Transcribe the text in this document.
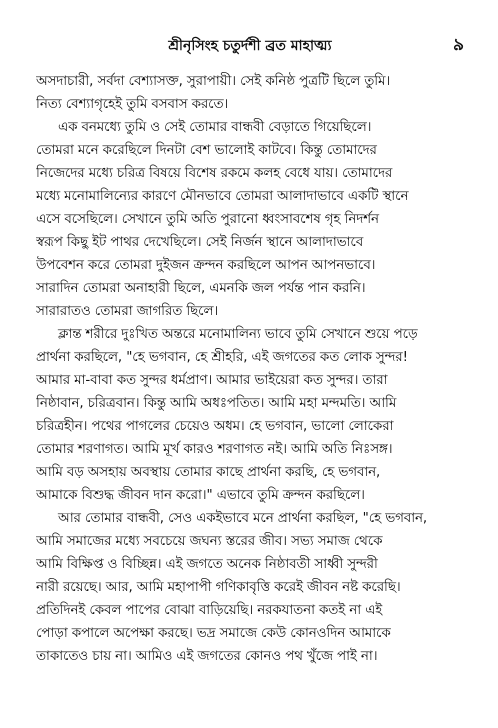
শ্রীনৃসিংহ চতুর্দশী ব্রত মাহাত্ম্য	৯
অসদাচারী, সর্বদা বেশ্যাসক্ত, সুরাপায়ী। সেই কনিষ্ঠ পুত্রটি ছিলে তুমি।
নিত্য বেশ্যাগৃহেই তুমি বসবাস করতে।
এক বনমধ্যে তুমি ও সেই তোমার বান্ধবী বেড়াতে গিয়েছিলে।
তোমরা মনে করেছিলে দিনটা বেশ ভালোই কাটবে। কিন্তু তোমাদের
নিজেদের মধ্যে চরিত্র বিষয়ে বিশেষ রকমে কলহ বেধে যায়। তোমাদের
মধ্যে মনোমালিন্যের কারণে মৌনভাবে তোমরা আলাদাভাবে একটি স্থানে
এসে বসেছিলে। সেখানে তুমি অতি পুরানো ধ্বংসাবশেষ গৃহ নিদর্শন
স্বরূপ কিছু ইট পাথর দেখেছিলে। সেই নির্জন স্থানে আলাদাভাবে
উপবেশন করে তোমরা দুইজন ক্রন্দন করছিলে আপন আপনভাবে।
সারাদিন তোমরা অনাহারী ছিলে, এমনকি জল পর্যন্ত পান করনি।
সারারাতও তোমরা জাগরিত ছিলে।
ক্লান্ত শরীরে দুঃখিত অন্তরে মনোমালিন্য ভাবে তুমি সেখানে শুয়ে পড়ে
প্রার্থনা করছিলে, "হে ভগবান, হে শ্রীহরি, এই জগতের কত লোক সুন্দর!
আমার মা-বাবা কত সুন্দর ধর্মপ্রাণ। আমার ভাইয়েরা কত সুন্দর। তারা
নিষ্ঠাবান, চরিত্রবান। কিন্তু আমি অধঃপতিত। আমি মহা মন্দমতি। আমি
চরিত্রহীন। পথের পাগলের চেয়েও অধম। হে ভগবান, ভালো লোকেরা
তোমার শরণাগত। আমি মূর্খ কারও শরণাগত নই। আমি অতি নিঃসঙ্গ।
আমি বড় অসহায় অবস্থায় তোমার কাছে প্রার্থনা করছি, হে ভগবান,
আমাকে বিশুদ্ধ জীবন দান করো।" এভাবে তুমি ক্রন্দন করছিলে।
আর তোমার বান্ধবী, সেও একইভাবে মনে প্রার্থনা করছিল, "হে ভগবান,
আমি সমাজের মধ্যে সবচেয়ে জঘন্য স্তরের জীব। সভ্য সমাজ থেকে
আমি বিক্ষিপ্ত ও বিচ্ছিন্ন। এই জগতে অনেক নিষ্ঠাবতী সাধ্বী সুন্দরী
নারী রয়েছে। আর, আমি মহাপাপী গণিকাবৃত্তি করেই জীবন নষ্ট করেছি।
প্রতিদিনই কেবল পাপের বোঝা বাড়িয়েছি। নরকযাতনা কতই না এই
পোড়া কপালে অপেক্ষা করছে। ভদ্র সমাজে কেউ কোনওদিন আমাকে
তাকাতেও চায় না। আমিও এই জগতের কোনও পথ খুঁজে পাই না।
